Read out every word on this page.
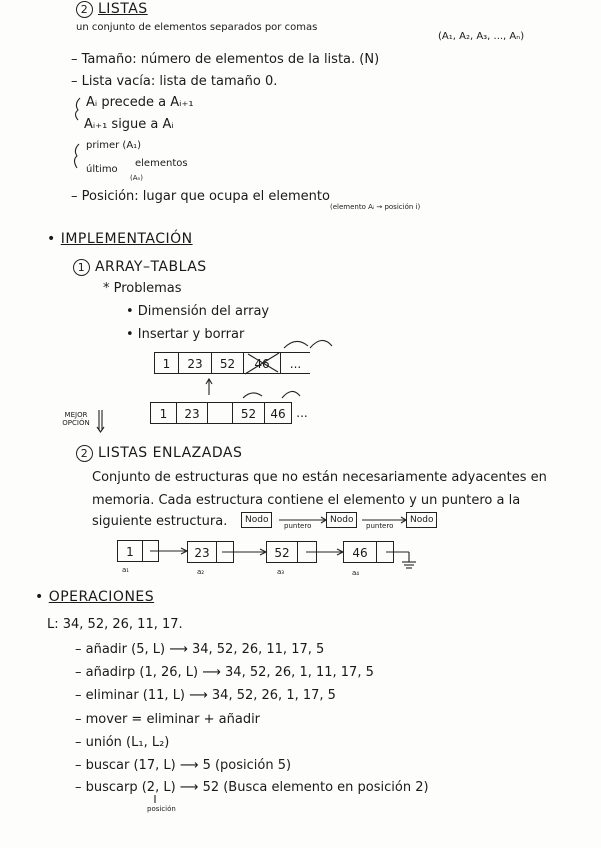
2 LISTAS
un conjunto de elementos separados por comas
(A₁, A₂, A₃, ..., Aₙ)
– Tamaño: número de elementos de la lista. (N)
– Lista vacía: lista de tamaño 0.
Aᵢ precede a Aᵢ₊₁
Aᵢ₊₁ sigue a Aᵢ
primer (A₁)
último
(Aₙ)
elementos
– Posición: lugar que ocupa el elemento
(elemento Aᵢ → posición i)
• IMPLEMENTACIÓN
1 ARRAY–TABLAS
* Problemas
• Dimensión del array
• Insertar y borrar
1	23	52	46	...
1	23	52	46 ...
MEJOR OPCIÓN
2 LISTAS ENLAZADAS
Conjunto de estructuras que no están necesariamente adyacentes en
memoria. Cada estructura contiene el elemento y un puntero a la
siguiente estructura.	Nodo
puntero
Nodo
puntero
Nodo
1	23	52	46
a₁	a₂	a₃	a₄
• OPERACIONES
L: 34, 52, 26, 11, 17.
– añadir (5, L) ⟶ 34, 52, 26, 11, 17, 5
– añadirp (1, 26, L) ⟶ 34, 52, 26, 1, 11, 17, 5
– eliminar (11, L) ⟶ 34, 52, 26, 1, 17, 5
– mover = eliminar + añadir
– unión (L₁, L₂)
– buscar (17, L) ⟶ 5 (posición 5)
– buscarp (2, L) ⟶ 52 (Busca elemento en posición 2)
posición
